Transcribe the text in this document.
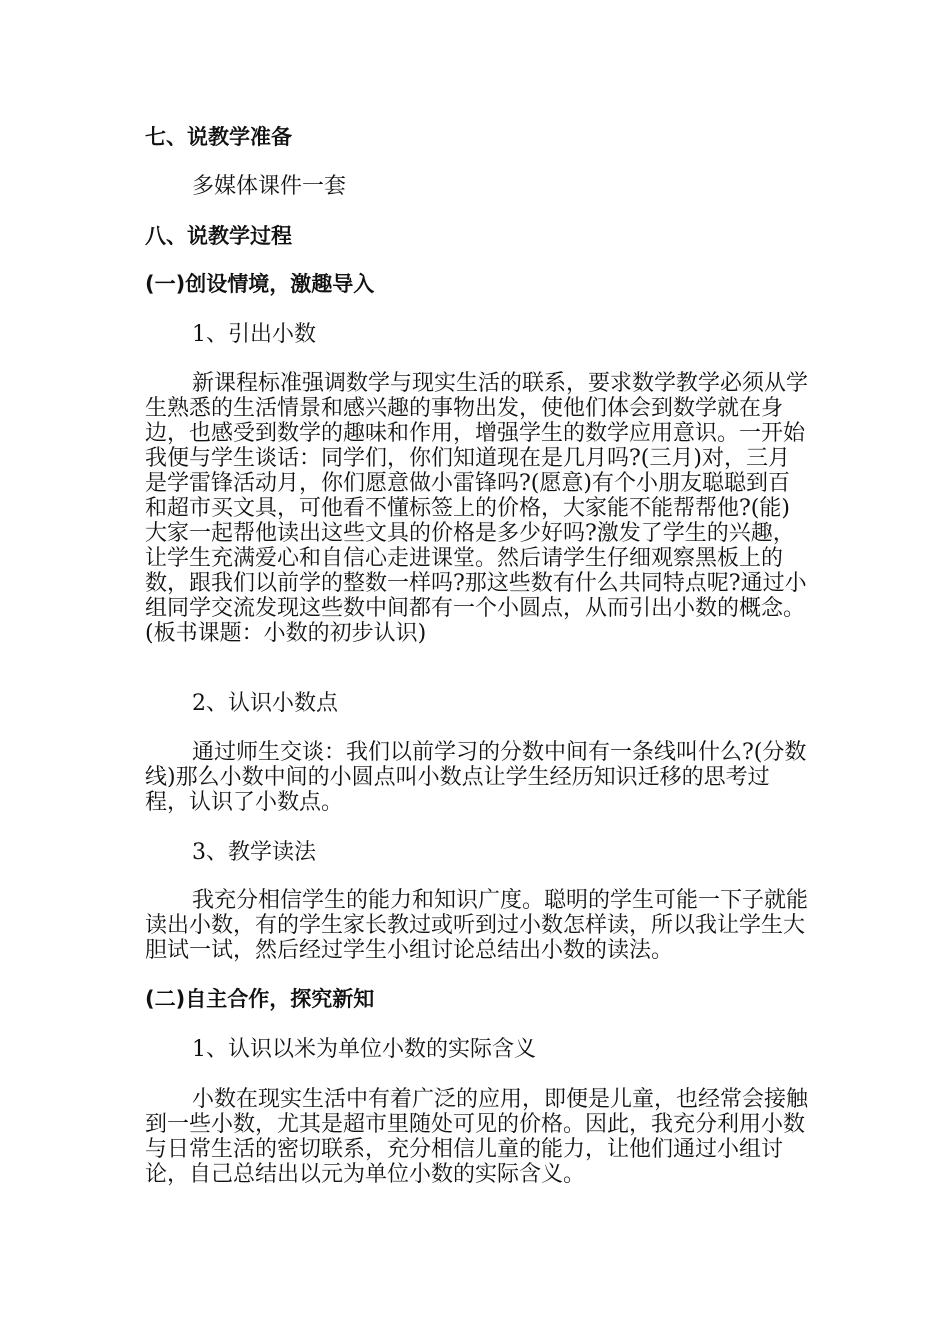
七、说教学准备

多媒体课件一套

八、说教学过程

(一)创设情境，激趣导入

1、引出小数

新课程标准强调数学与现实生活的联系，要求数学教学必须从学生熟悉的生活情景和感兴趣的事物出发，使他们体会到数学就在身边，也感受到数学的趣味和作用，增强学生的数学应用意识。一开始我便与学生谈话：同学们，你们知道现在是几月吗?(三月)对，三月是学雷锋活动月，你们愿意做小雷锋吗?(愿意)有个小朋友聪聪到百和超市买文具，可他看不懂标签上的价格，大家能不能帮帮他?(能)大家一起帮他读出这些文具的价格是多少好吗?激发了学生的兴趣，让学生充满爱心和自信心走进课堂。然后请学生仔细观察黑板上的数，跟我们以前学的整数一样吗?那这些数有什么共同特点呢?通过小组同学交流发现这些数中间都有一个小圆点，从而引出小数的概念。(板书课题：小数的初步认识)

2、认识小数点

通过师生交谈：我们以前学习的分数中间有一条线叫什么?(分数线)那么小数中间的小圆点叫小数点让学生经历知识迁移的思考过程，认识了小数点。

3、教学读法

我充分相信学生的能力和知识广度。聪明的学生可能一下子就能读出小数，有的学生家长教过或听到过小数怎样读，所以我让学生大胆试一试，然后经过学生小组讨论总结出小数的读法。

(二)自主合作，探究新知

1、认识以米为单位小数的实际含义

小数在现实生活中有着广泛的应用，即便是儿童，也经常会接触到一些小数，尤其是超市里随处可见的价格。因此，我充分利用小数与日常生活的密切联系，充分相信儿童的能力，让他们通过小组讨论，自己总结出以元为单位小数的实际含义。
